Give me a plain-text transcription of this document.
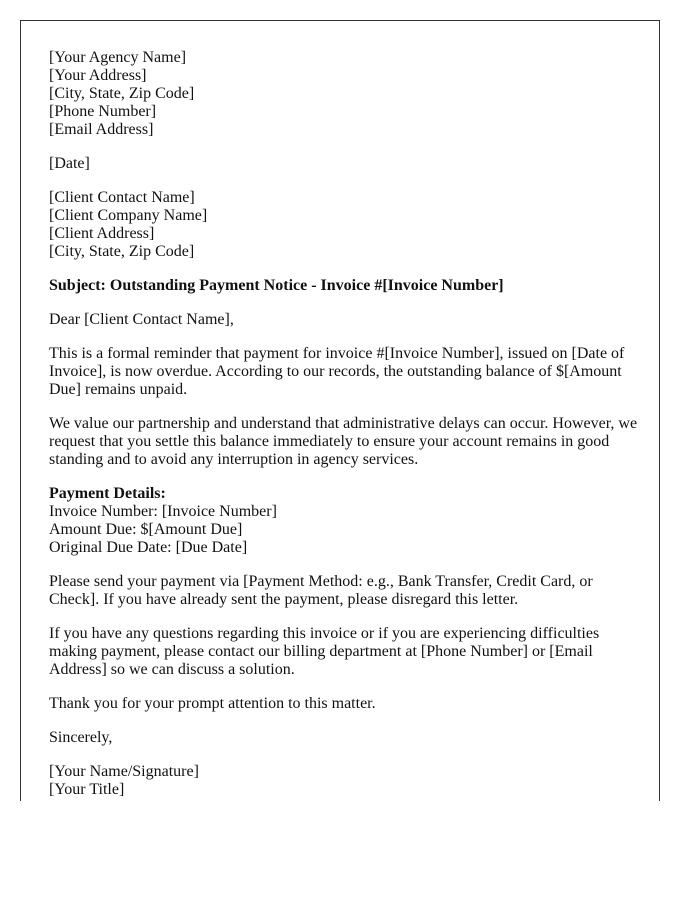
[Your Agency Name]
[Your Address]
[City, State, Zip Code]
[Phone Number]
[Email Address]
[Date]
[Client Contact Name]
[Client Company Name]
[Client Address]
[City, State, Zip Code]
Subject: Outstanding Payment Notice - Invoice #[Invoice Number]
Dear [Client Contact Name],
This is a formal reminder that payment for invoice #[Invoice Number], issued on [Date of Invoice], is now overdue. According to our records, the outstanding balance of $[Amount Due] remains unpaid.
We value our partnership and understand that administrative delays can occur. However, we request that you settle this balance immediately to ensure your account remains in good standing and to avoid any interruption in agency services.
Payment Details:
Invoice Number: [Invoice Number]
Amount Due: $[Amount Due]
Original Due Date: [Due Date]
Please send your payment via [Payment Method: e.g., Bank Transfer, Credit Card, or Check]. If you have already sent the payment, please disregard this letter.
If you have any questions regarding this invoice or if you are experiencing difficulties making payment, please contact our billing department at [Phone Number] or [Email Address] so we can discuss a solution.
Thank you for your prompt attention to this matter.
Sincerely,
[Your Name/Signature]
[Your Title]
